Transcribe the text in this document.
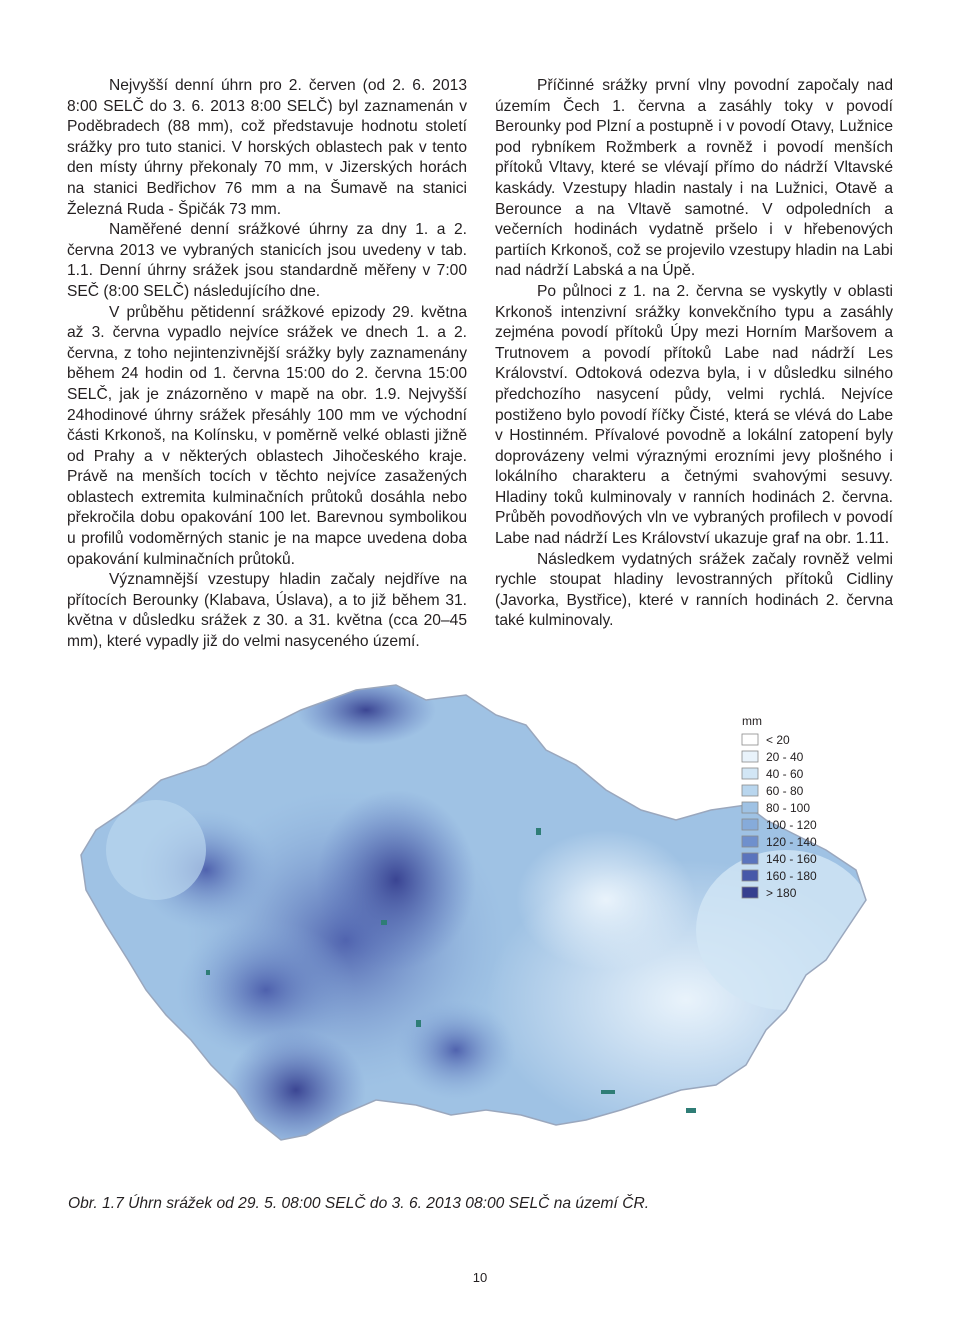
Nejvyšší denní úhrn pro 2. červen (od 2. 6. 2013 8:00 SELČ do 3. 6. 2013 8:00 SELČ) byl zaznamenán v Poděbradech (88 mm), což představuje hodnotu století srážky pro tuto stanici. V horských oblastech pak v tento den místy úhrny překonaly 70 mm, v Jizerských horách na stanici Bedřichov 76 mm a na Šumavě na stanici Železná Ruda - Špičák 73 mm.

Naměřené denní srážkové úhrny za dny 1. a 2. června 2013 ve vybraných stanicích jsou uvedeny v tab. 1.1. Denní úhrny srážek jsou standardně měřeny v 7:00 SEČ (8:00 SELČ) následujícího dne.

V průběhu pětidenní srážkové epizody 29. května až 3. června vypadlo nejvíce srážek ve dnech 1. a 2. června, z toho nejintenzivnější srážky byly zaznamenány během 24 hodin od 1. června 15:00 do 2. června 15:00 SELČ, jak je znázorněno v mapě na obr. 1.9. Nejvyšší 24hodinové úhrny srážek přesáhly 100 mm ve východní části Krkonoš, na Kolínsku, v poměrně velké oblasti jižně od Prahy a v některých oblastech Jihočeského kraje. Právě na menších tocích v těchto nejvíce zasažených oblastech extremita kulminačních průtoků dosáhla nebo překročila dobu opakování 100 let. Barevnou symbolikou u profilů vodoměrných stanic je na mapce uvedena doba opakování kulminačních průtoků.

Významnější vzestupy hladin začaly nejdříve na přítocích Berounky (Klabava, Úslava), a to již během 31. května v důsledku srážek z 30. a 31. května (cca 20–45 mm), které vypadly již do velmi nasyceného území.

Příčinné srážky první vlny povodní započaly nad územím Čech 1. června a zasáhly toky v povodí Berounky pod Plzní a postupně i v povodí Otavy, Lužnice pod rybníkem Rožmberk a rovněž i povodí menších přítoků Vltavy, které se vlévají přímo do nádrží Vltavské kaskády. Vzestupy hladin nastaly i na Lužnici, Otavě a Berounce a na Vltavě samotné. V odpoledních a večerních hodinách vydatně pršelo i v hřebenových partiích Krkonoš, což se projevilo vzestupy hladin na Labi nad nádrží Labská a na Úpě.

Po půlnoci z 1. na 2. června se vyskytly v oblasti Krkonoš intenzivní srážky konvekčního typu a zasáhly zejména povodí přítoků Úpy mezi Horním Maršovem a Trutnovem a povodí přítoků Labe nad nádrží Les Království. Odtoková odezva byla, i v důsledku silného předchozího nasycení půdy, velmi rychlá. Nejvíce postiženo bylo povodí říčky Čisté, která se vlévá do Labe v Hostinném. Přívalové povodně a lokální zatopení byly doprovázeny velmi výraznými erozními jevy plošného i lokálního charakteru a četnými svahovými sesuvy. Hladiny toků kulminovaly v ranních hodinách 2. června. Průběh povodňových vln ve vybraných profilech v povodí Labe nad nádrží Les Království ukazuje graf na obr. 1.11.

Následkem vydatných srážek začaly rovněž velmi rychle stoupat hladiny levostranných přítoků Cidliny (Javorka, Bystřice), které v ranních hodinách 2. června také kulminovaly.

mm
< 20
20 - 40
40 - 60
60 - 80
80 - 100
100 - 120
120 - 140
140 - 160
160 - 180
> 180
Obr. 1.7 Úhrn srážek od 29. 5. 08:00 SELČ do 3. 6. 2013 08:00 SELČ na území ČR.
10
